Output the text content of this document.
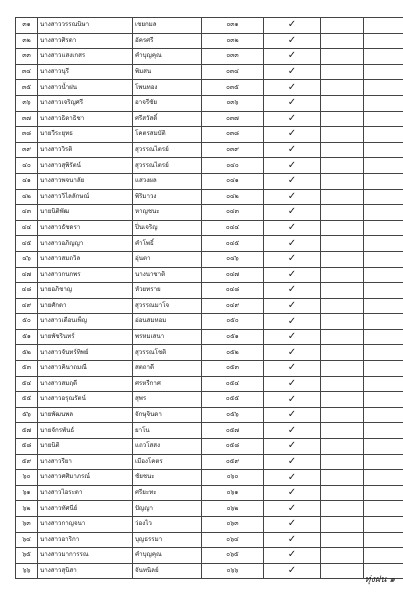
๓๑	นางสาววรรณนิษา	เชยกมล	๐๓๑	✓		
๓๒	นางสาวศิรดา	อัครศรี	๐๓๒	✓		
๓๓	นางสาวแสงเกสร	คำบุญคุณ	๐๓๓	✓		
๓๔	นางสาวนุรี	พิมสน	๐๓๔	✓		
๓๕	นางสาวน้ำฝน	โพนทอง	๐๓๕	✓		
๓๖	นางสาวเจริญศรี	อาจรีชัย	๐๓๖	✓		
๓๗	นางสาวธิดาธิชา	ศรีสวัสดิ์	๐๓๗	✓		
๓๘	นายวีระยุทธ	โคตรสมบัติ	๐๓๘	✓		
๓๙	นางสาววิรติ	สุวรรณไตรย์	๐๓๙	✓		
๔๐	นางสาวสุพิรัตน์	สุวรรณไตรย์	๐๔๐	✓		
๔๑	นางสาวพจนาลัย	แสวงผล	๐๔๑	✓		
๔๒	นางสาววิไลลักษณ์	พิริมาวง	๐๔๒	✓		
๔๓	นายนิติพัฒ	หาญชนะ	๐๔๓	✓		
๔๔	นางสาวธัชดรา	ปิ่นเจริญ	๐๔๔	✓		
๔๕	นางสาวอภิญญา	คำโพธิ์	๐๔๕	✓		
๔๖	นางสาวสมถวิล	อุ่นตา	๐๔๖	✓		
๔๗	นางสาวกนกพร	นางนาชาติ	๐๔๗	✓		
๔๘	นายอภิชาญ	หัวยทราย	๐๔๘	✓		
๔๙	นายศักดา	สุวรรณมาโจ	๐๔๙	✓		
๕๐	นางสาวเดือนเพ็ญ	อ่อนสมหอม	๐๕๐	✓		
๕๑	นายพัชรินทร์	พรหมเสนา	๐๕๑	✓		
๕๒	นางสาวจันทร์ทิพย์	สุวรรณโชติ	๐๕๒	✓		
๕๓	นางสาวคินาถมณี	สตถาดี	๐๕๓	✓		
๕๔	นางสาวสมฤดี	ศรหรีกาศ	๐๕๔	✓		
๕๕	นางสาวอรุณรัตน์	สุพร	๐๕๕	✓		
๕๖	นายพัฒนพล	จักษุจินดา	๐๕๖	✓		
๕๗	นายจักรพันธ์	ยาโน	๐๕๗	✓		
๕๘	นายนิติ	แถวโสสง	๐๕๘	✓		
๕๙	นางสาวรียา	เมืองโคตร	๐๕๙	✓		
๖๐	นางสาวศศิมาภรณ์	ชัยชนะ	๐๖๐	✓		
๖๑	นางสาวไอระดา	ศรียะทะ	๐๖๑	✓		
๖๒	นางสาวทัศนีย์	ปัญญา	๐๖๒	✓		
๖๓	นางสาวกาญจนา	ว่องไว	๐๖๓	✓		
๖๔	นางสาวอาริกา	บุญธรรมา	๐๖๔	✓		
๖๕	นางสาวมาการรณ	คำบุญคุณ	๐๖๕	✓		
๖๖	นางสาวสุนิสา	จันทนิลย์	๐๖๖	✓		
ทุ่งฝน ๑
